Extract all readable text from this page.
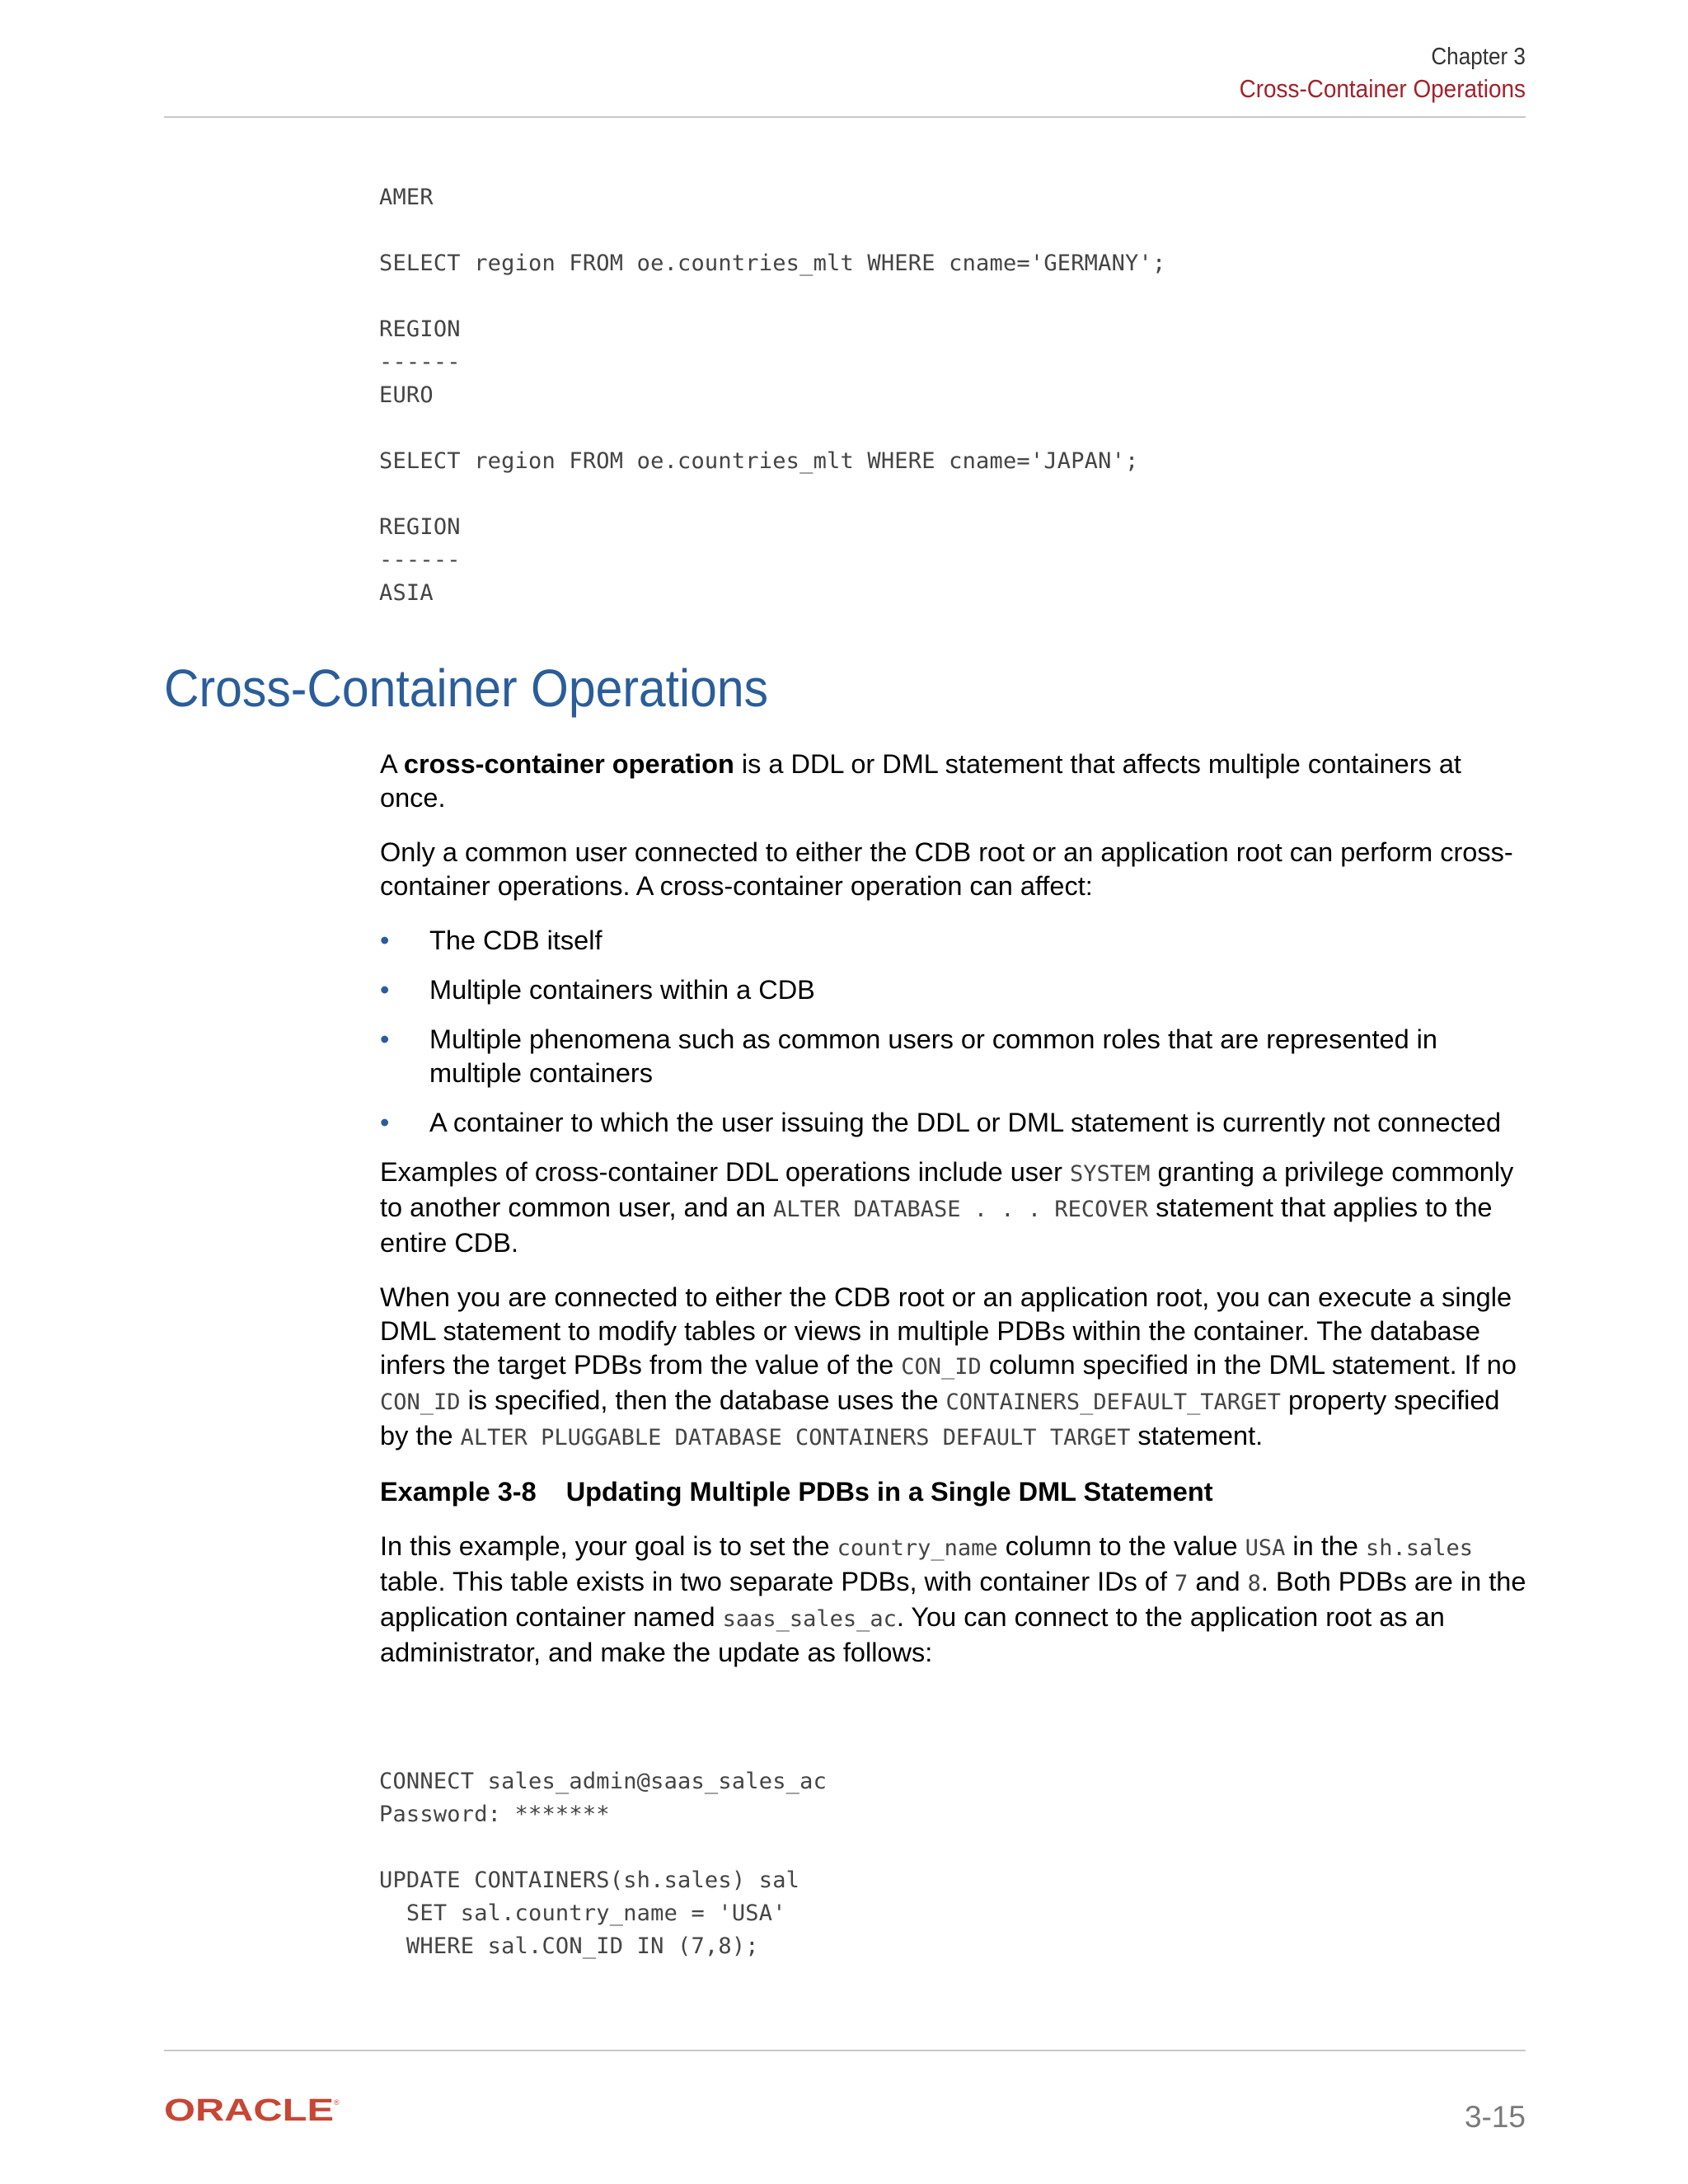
Chapter 3
Cross-Container Operations
AMER

SELECT region FROM oe.countries_mlt WHERE cname='GERMANY';

REGION
------
EURO

SELECT region FROM oe.countries_mlt WHERE cname='JAPAN';

REGION
------
ASIA
Cross-Container Operations

A cross-container operation is a DDL or DML statement that affects multiple containers at once.

Only a common user connected to either the CDB root or an application root can perform cross-container operations. A cross-container operation can affect:

• The CDB itself
• Multiple containers within a CDB
• Multiple phenomena such as common users or common roles that are represented in multiple containers
• A container to which the user issuing the DDL or DML statement is currently not connected

Examples of cross-container DDL operations include user SYSTEM granting a privilege commonly to another common user, and an ALTER DATABASE . . . RECOVER statement that applies to the entire CDB.

When you are connected to either the CDB root or an application root, you can execute a single DML statement to modify tables or views in multiple PDBs within the container. The database infers the target PDBs from the value of the CON_ID column specified in the DML statement. If no CON_ID is specified, then the database uses the CONTAINERS_DEFAULT_TARGET property specified by the ALTER PLUGGABLE DATABASE CONTAINERS DEFAULT TARGET statement.

Example 3-8 Updating Multiple PDBs in a Single DML Statement

In this example, your goal is to set the country_name column to the value USA in the sh.sales table. This table exists in two separate PDBs, with container IDs of 7 and 8. Both PDBs are in the application container named saas_sales_ac. You can connect to the application root as an administrator, and make the update as follows:

CONNECT sales_admin@saas_sales_ac
Password: *******

UPDATE CONTAINERS(sh.sales) sal
SET sal.country_name = 'USA'
WHERE sal.CON_ID IN (7,8);
ORACLE ®	3-15
